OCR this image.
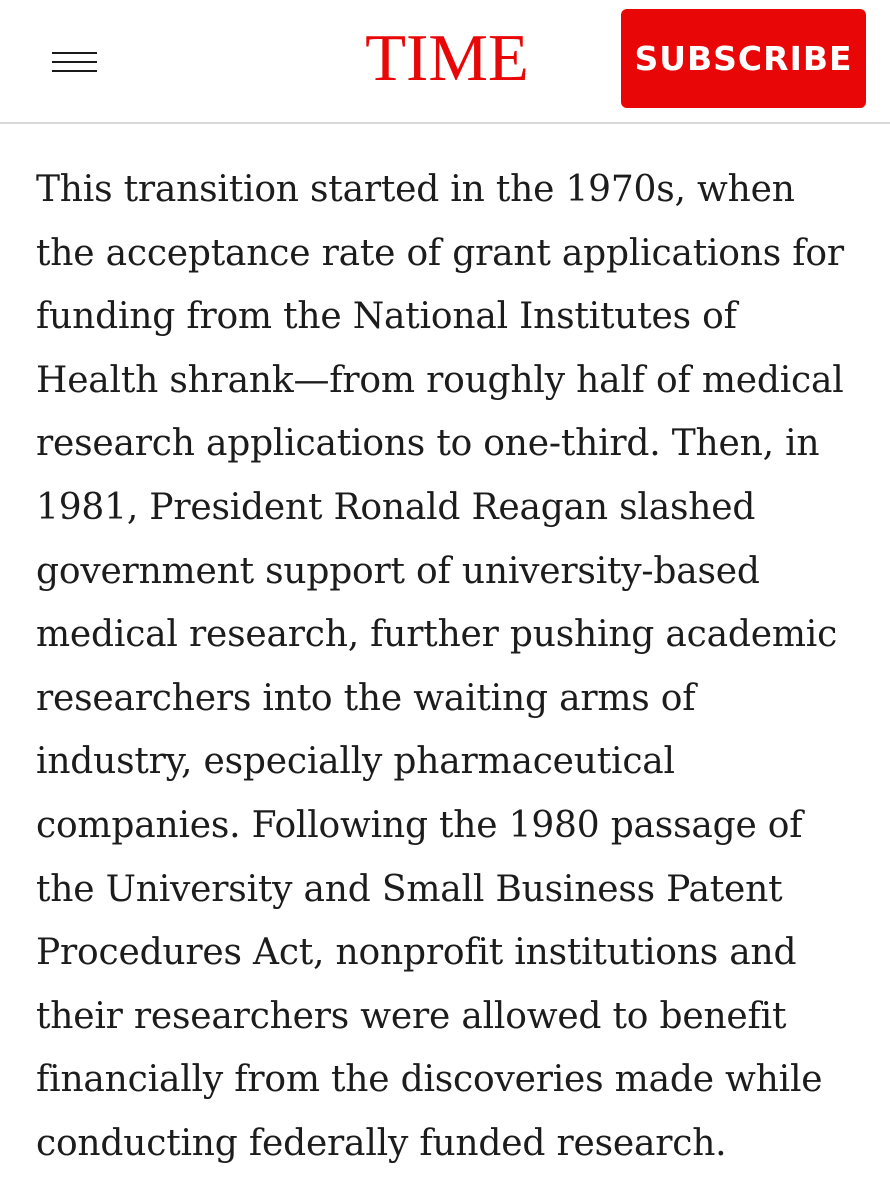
TIME	SUBSCRIBE

This transition started in the 1970s, when
the acceptance rate of grant applications for
funding from the National Institutes of
Health shrank—from roughly half of medical
research applications to one-third. Then, in
1981, President Ronald Reagan slashed
government support of university-based
medical research, further pushing academic
researchers into the waiting arms of
industry, especially pharmaceutical
companies. Following the 1980 passage of
the University and Small Business Patent
Procedures Act, nonprofit institutions and
their researchers were allowed to benefit
financially from the discoveries made while
conducting federally funded research.
